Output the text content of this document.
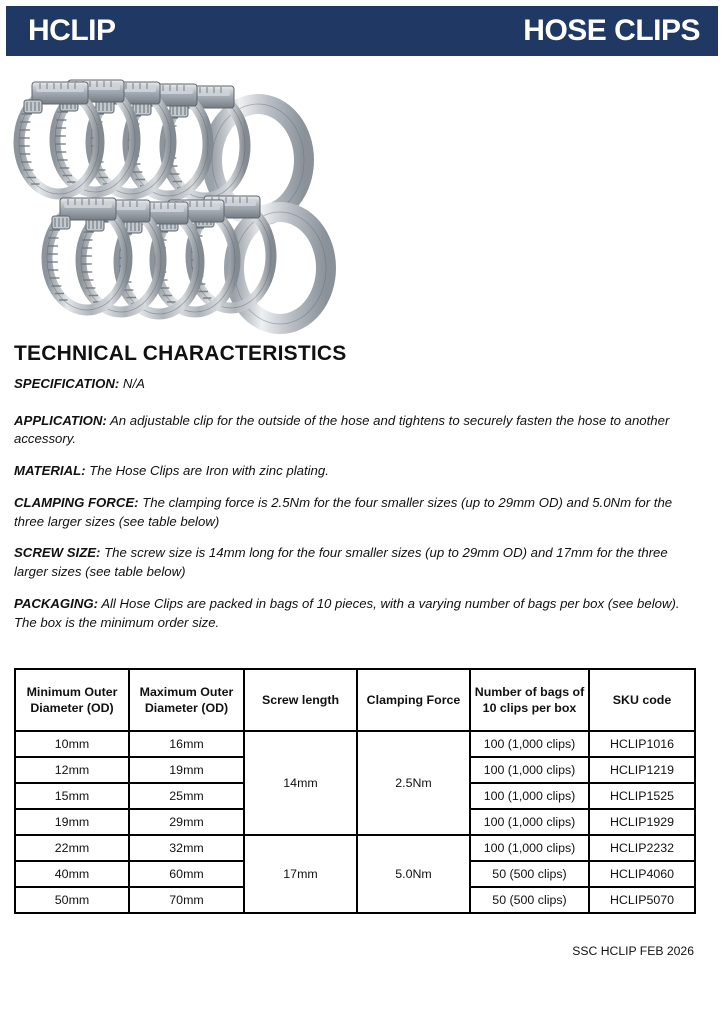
HCLIP	HOSE CLIPS
TECHNICAL CHARACTERISTICS

SPECIFICATION: N/A

APPLICATION: An adjustable clip for the outside of the hose and tightens to securely fasten the hose to another accessory.

MATERIAL: The Hose Clips are Iron with zinc plating.

CLAMPING FORCE: The clamping force is 2.5Nm for the four smaller sizes (up to 29mm OD) and 5.0Nm for the three larger sizes (see table below)

SCREW SIZE: The screw size is 14mm long for the four smaller sizes (up to 29mm OD) and 17mm for the three larger sizes (see table below)

PACKAGING: All Hose Clips are packed in bags of 10 pieces, with a varying number of bags per box (see below). The box is the minimum order size.

Minimum Outer Diameter (OD)	Maximum Outer Diameter (OD)	Screw length	Clamping Force	Number of bags of 10 clips per box	SKU code
10mm	16mm	14mm	2.5Nm	100 (1,000 clips)	HCLIP1016
12mm	19mm			100 (1,000 clips)	HCLIP1219
15mm	25mm			100 (1,000 clips)	HCLIP1525
19mm	29mm			100 (1,000 clips)	HCLIP1929
22mm	32mm	17mm	5.0Nm	100 (1,000 clips)	HCLIP2232
40mm	60mm			50 (500 clips)	HCLIP4060
50mm	70mm			50 (500 clips)	HCLIP5070
SSC HCLIP FEB 2026
